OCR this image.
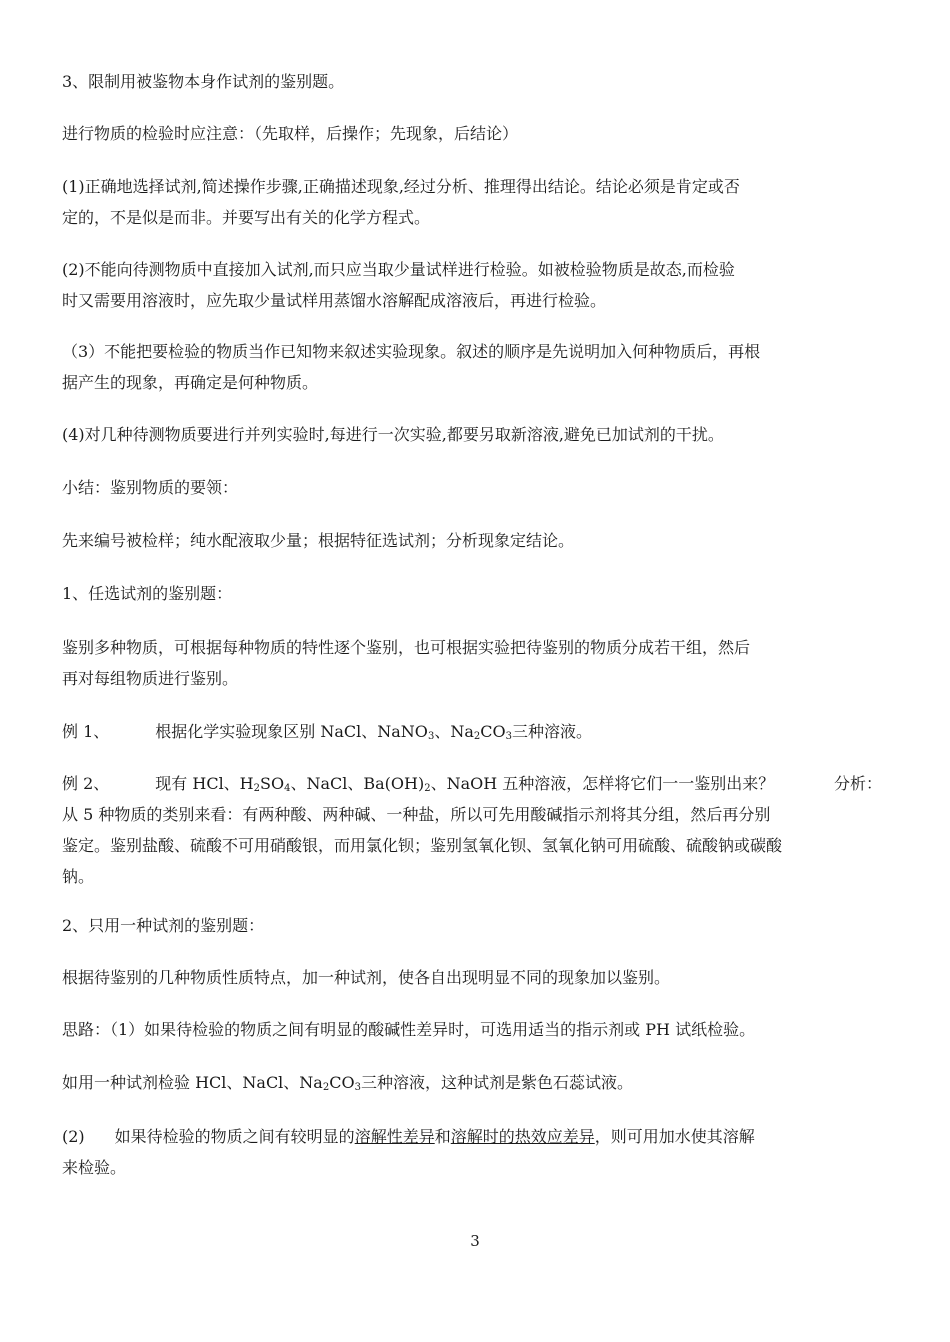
3、限制用被鉴物本身作试剂的鉴别题。
进行物质的检验时应注意：（先取样，后操作；先现象，后结论）
(1)正确地选择试剂,简述操作步骤,正确描述现象,经过分析、推理得出结论。结论必须是肯定或否
定的，不是似是而非。并要写出有关的化学方程式。
(2)不能向待测物质中直接加入试剂,而只应当取少量试样进行检验。如被检验物质是故态,而检验
时又需要用溶液时，应先取少量试样用蒸馏水溶解配成溶液后，再进行检验。
（3）不能把要检验的物质当作已知物来叙述实验现象。叙述的顺序是先说明加入何种物质后，再根
据产生的现象，再确定是何种物质。
(4)对几种待测物质要进行并列实验时,每进行一次实验,都要另取新溶液,避免已加试剂的干扰。
小结：鉴别物质的要领：
先来编号被检样；纯水配液取少量；根据特征选试剂；分析现象定结论。
1、任选试剂的鉴别题：
鉴别多种物质，可根据每种物质的特性逐个鉴别，也可根据实验把待鉴别的物质分成若干组，然后
再对每组物质进行鉴别。
例 1、	根据化学实验现象区别 NaCl、NaNO$_3$、$Na_2CO_3$三种溶液。
例 2、	现有 HCl、$H_2SO_4$、NaCl、$Ba(OH)_2$、NaOH 五种溶液，怎样将它们一一鉴别出来？	分析：
从 5 种物质的类别来看：有两种酸、两种碱、一种盐，所以可先用酸碱指示剂将其分组，然后再分别
鉴定。鉴别盐酸、硫酸不可用硝酸银，而用氯化钡；鉴别氢氧化钡、氢氧化钠可用硫酸、硫酸钠或碳酸
钠。
2、只用一种试剂的鉴别题：
根据待鉴别的几种物质性质特点，加一种试剂，使各自出现明显不同的现象加以鉴别。
思路：（1）如果待检验的物质之间有明显的酸碱性差异时，可选用适当的指示剂或 PH 试纸检验。
如用一种试剂检验 HCl、NaCl、$Na_2CO_3$三种溶液，这种试剂是紫色石蕊试液。
(2) 如果待检验的物质之间有较明显的溶解性差异和溶解时的热效应差异，则可用加水使其溶解
来检验。
3
